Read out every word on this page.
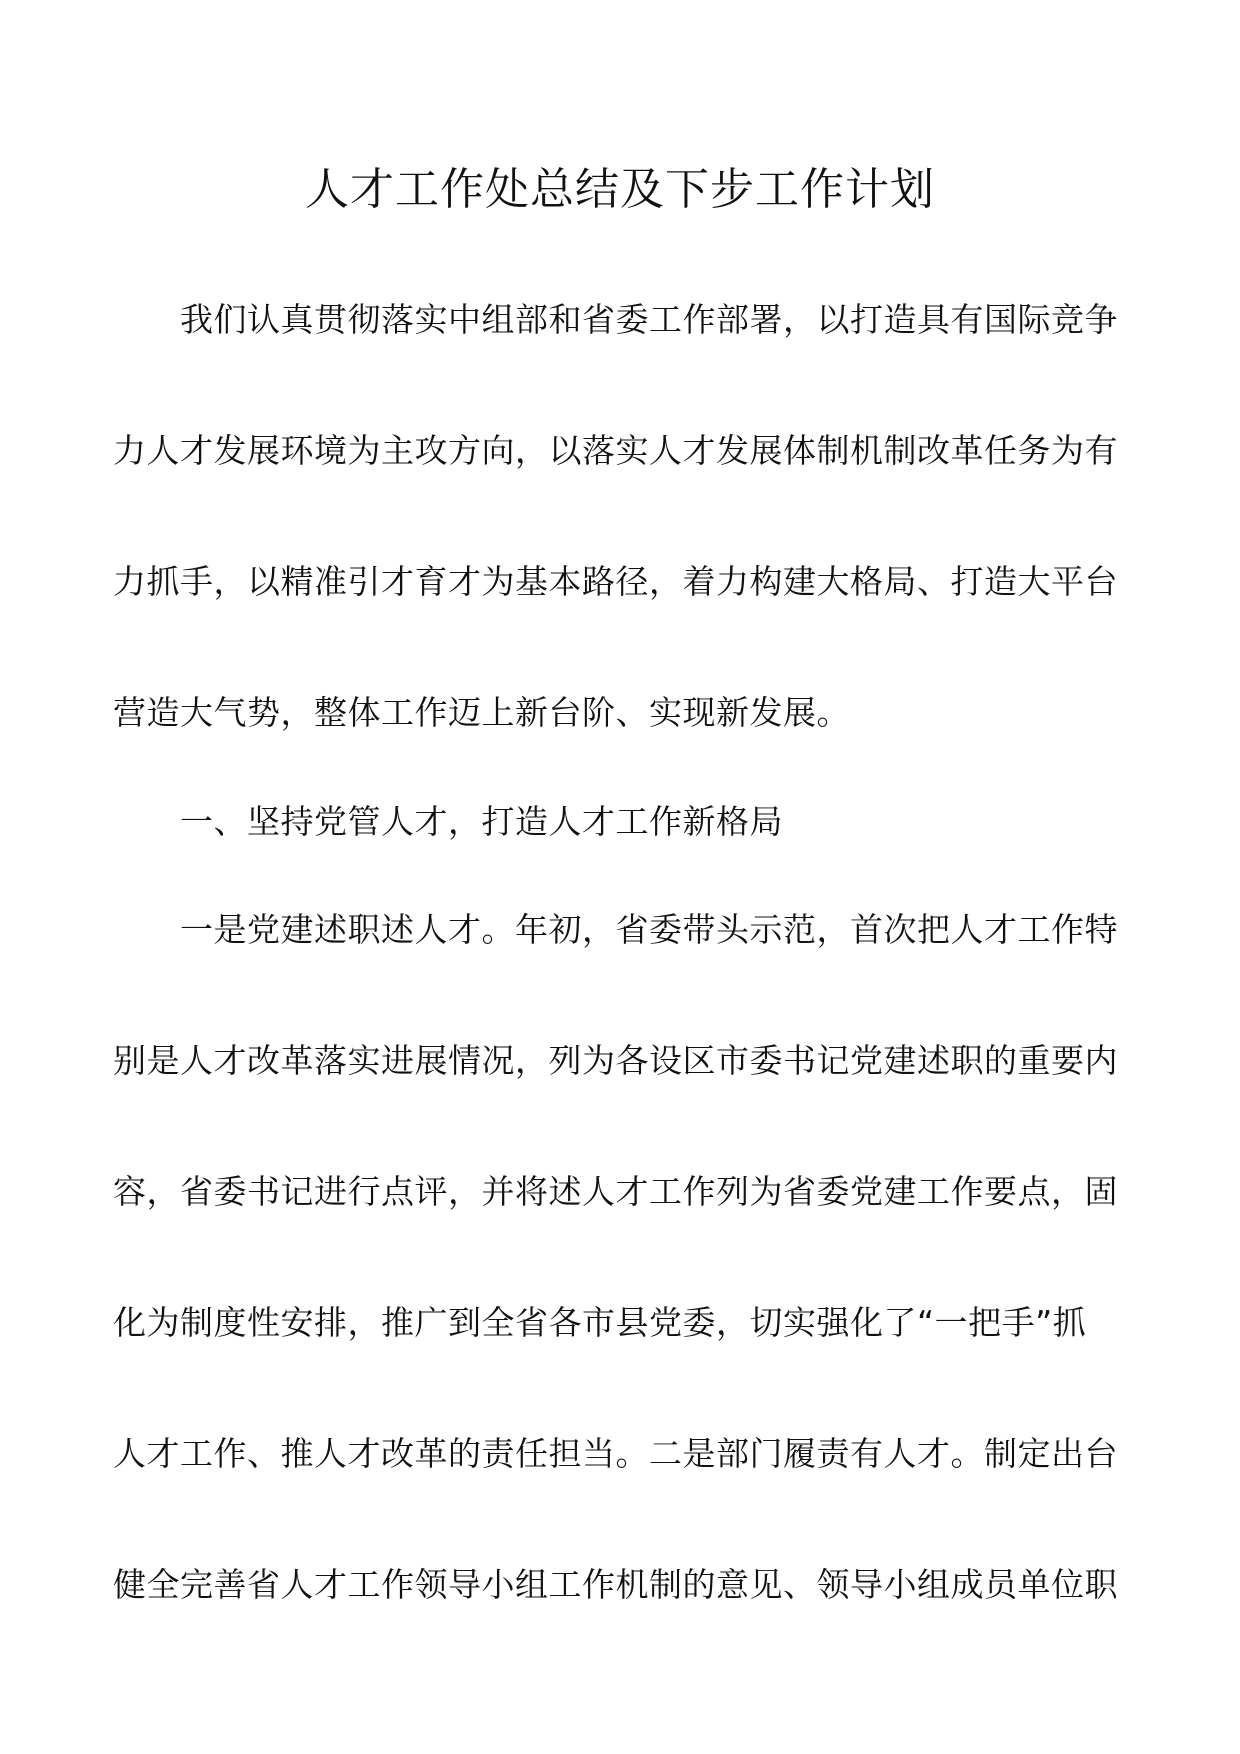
人才工作处总结及下步工作计划
我们认真贯彻落实中组部和省委工作部署，以打造具有国际竞争
力人才发展环境为主攻方向，以落实人才发展体制机制改革任务为有
力抓手，以精准引才育才为基本路径，着力构建大格局、打造大平台
营造大气势，整体工作迈上新台阶、实现新发展。
一、坚持党管人才，打造人才工作新格局
一是党建述职述人才。年初，省委带头示范，首次把人才工作特
别是人才改革落实进展情况，列为各设区市委书记党建述职的重要内
容，省委书记进行点评，并将述人才工作列为省委党建工作要点，固
化为制度性安排，推广到全省各市县党委，切实强化了“一把手”抓
人才工作、推人才改革的责任担当。二是部门履责有人才。制定出台
健全完善省人才工作领导小组工作机制的意见、领导小组成员单位职
